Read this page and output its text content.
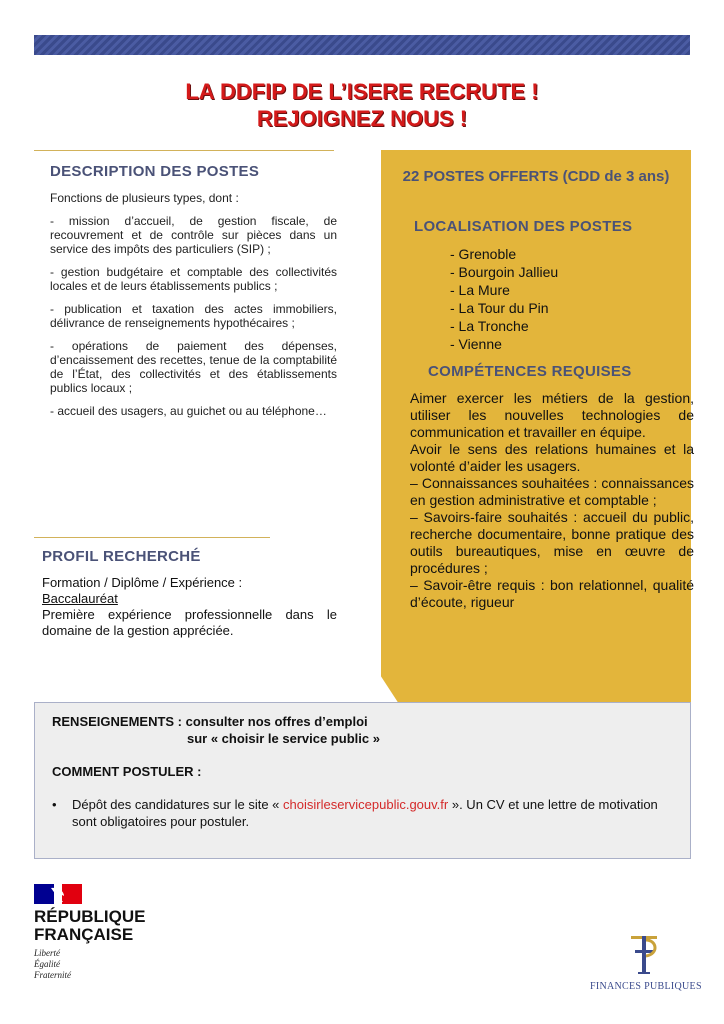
LA DDFIP DE L’ISERE RECRUTE !
REJOIGNEZ NOUS !
DESCRIPTION DES POSTES

Fonctions de plusieurs types, dont :

- mission d’accueil, de gestion fiscale, de recouvrement et de contrôle sur pièces dans un service des impôts des particuliers (SIP) ;

- gestion budgétaire et comptable des collectivités locales et de leurs établissements publics ;

- publication et taxation des actes immobiliers, délivrance de renseignements hypothécaires ;

- opérations de paiement des dépenses, d’encaissement des recettes, tenue de la comptabilité de l’État, des collectivités et des établissements publics locaux ;

- accueil des usagers, au guichet ou au téléphone…

PROFIL RECHERCHÉ
Formation / Diplôme / Expérience :
Baccalauréat
Première expérience professionnelle dans le domaine de la gestion appréciée.
22 POSTES OFFERTS (CDD de 3 ans)
LOCALISATION DES POSTES
- Grenoble
- Bourgoin Jallieu
- La Mure
- La Tour du Pin
- La Tronche
- Vienne
COMPÉTENCES REQUISES
Aimer exercer les métiers de la gestion, utiliser les nouvelles technologies de communication et travailler en équipe.
Avoir le sens des relations humaines et la volonté d’aider les usagers.
– Connaissances souhaitées : connaissances en gestion administrative et comptable ;
– Savoirs-faire souhaités : accueil du public, recherche documentaire, bonne pratique des outils bureautiques, mise en œuvre de procédures ;
– Savoir-être requis : bon relationnel, qualité d’écoute, rigueur
RENSEIGNEMENTS : consulter nos offres d’emploi
sur « choisir le service public »
COMMENT POSTULER :
• Dépôt des candidatures sur le site « choisirleservicepublic.gouv.fr ». Un CV et une lettre de motivation sont obligatoires pour postuler.
RÉPUBLIQUE
FRANÇAISE
Liberté
Égalité
Fraternité
FINANCES PUBLIQUES
